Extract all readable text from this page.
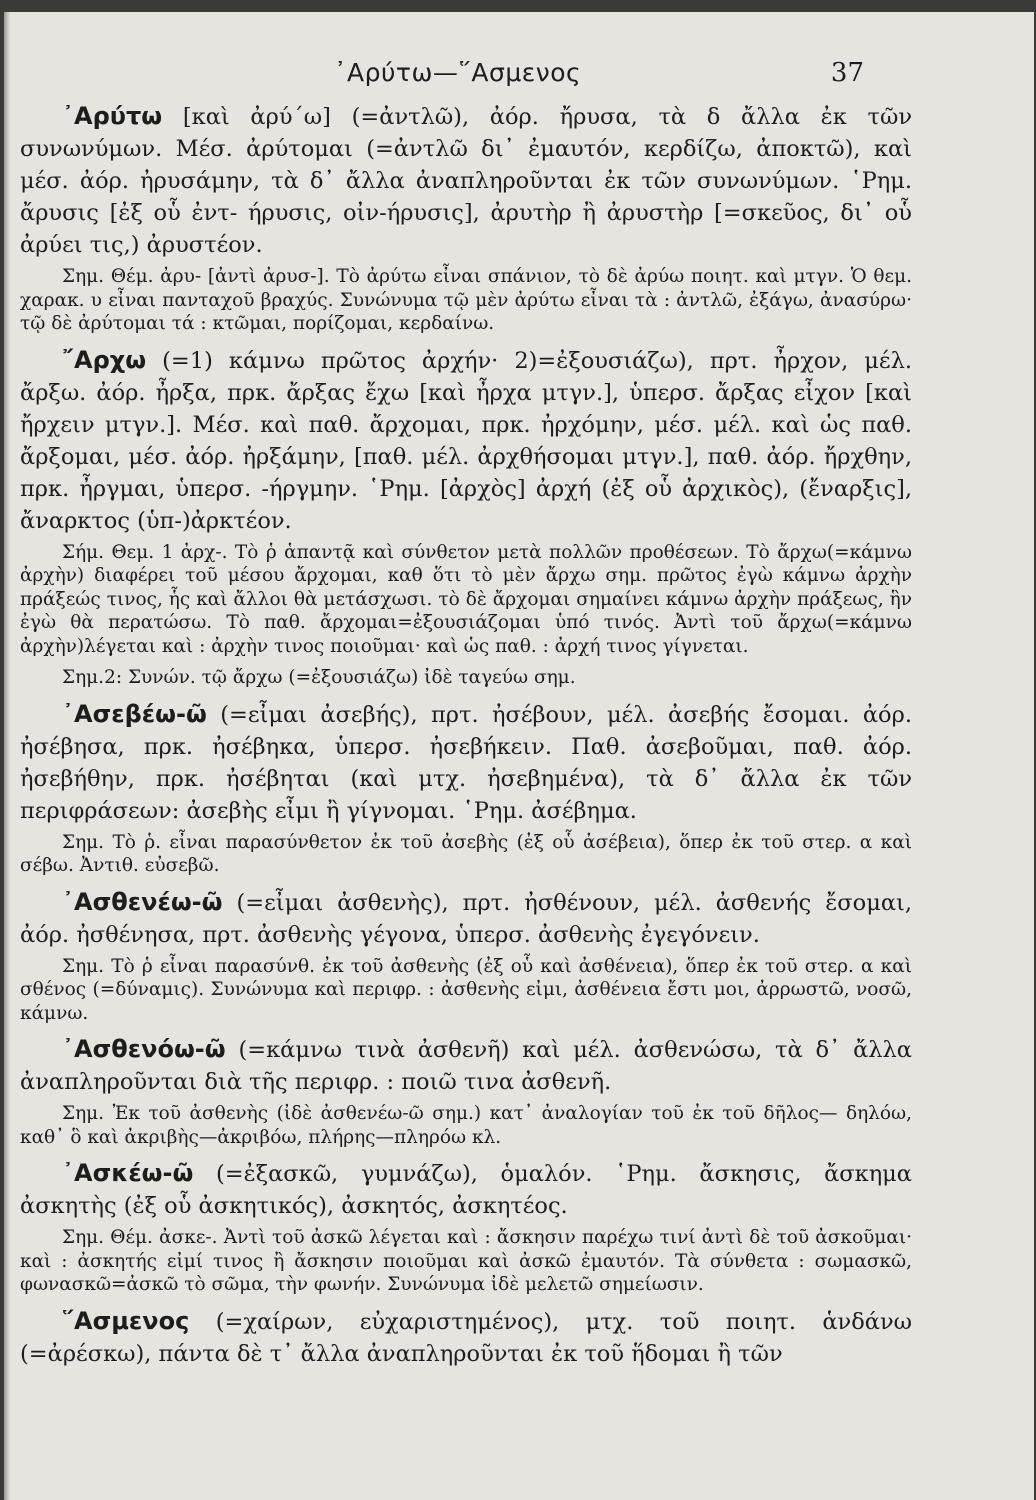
᾿Αρύτω—῞Ασμενος	37

᾿Αρύτω [καὶ ἀρύ΄ω] (=ἀντλῶ), ἀόρ. ἤρυσα, τὰ δ ἄλλα ἐκ τῶν συνωνύμων. Μέσ. ἀρύτομαι (=ἀντλῶ δι᾿ ἐμαυτόν, κερδίζω, ἀποκτῶ), καὶ μέσ. ἀόρ. ἠρυσάμην, τὰ δ᾿ ἄλλα ἀναπληροῦνται ἐκ τῶν συνωνύμων. ῾Ρημ. ἄρυσις [ἐξ οὗ ἐντ- ήρυσις, οἰν-ήρυσις], ἀρυτὴρ ἢ ἀρυστὴρ [=σκεῦος, δι᾿ οὗ ἀρύει τις,) ἀρυστέον.

Σημ. Θέμ. ἀρυ- [ἀντὶ ἀρυσ-]. Τὸ ἀρύτω εἶναι σπάνιον, τὸ δὲ ἀρύω ποιητ. καὶ μτγν. Ὁ θεμ. χαρακ. υ εἶναι πανταχοῦ βραχύς. Συνώνυμα τῷ μὲν ἀρύτω εἶναι τὰ : ἀντλῶ, ἐξάγω, ἀνασύρω· τῷ δὲ ἀρύτομαι τά : κτῶμαι, πορίζομαι, κερδαίνω.

῎Αρχω (=1) κάμνω πρῶτος ἀρχήν· 2)=ἐξουσιάζω), πρτ. ἦρχον, μέλ. ἄρξω. ἀόρ. ἦρξα, πρκ. ἄρξας ἔχω [καὶ ἦρχα μτγν.], ὑπερσ. ἄρξας εἶχον [καὶ ἤρχειν μτγν.]. Μέσ. καὶ παθ. ἄρχομαι, πρκ. ἠρχόμην, μέσ. μέλ. καὶ ὡς παθ. ἄρξομαι, μέσ. ἀόρ. ἠρξάμην, [παθ. μέλ. ἀρχθήσομαι μτγν.], παθ. ἀόρ. ἤρχθην, πρκ. ἦργμαι, ὑπερσ. -ήργμην. ῾Ρημ. [ἀρχὸς] ἀρχή (ἐξ οὗ ἀρχικὸς), (ἔναρξις], ἄναρκτος (ὑπ-)ἀρκτέον.

Σήμ. Θεμ. 1 ἀρχ-. Τὸ ῥ ἁπαντᾷ καὶ σύνθετον μετὰ πολλῶν προθέσεων. Τὸ ἄρχω(=κάμνω ἀρχὴν) διαφέρει τοῦ μέσου ἄρχομαι, καθ ὅτι τὸ μὲν ἄρχω σημ. πρῶτος ἐγὼ κάμνω ἀρχὴν πράξεώς τινος, ἧς καὶ ἄλλοι θὰ μετάσχωσι. τὸ δὲ ἄρχομαι σημαίνει κάμνω ἀρχὴν πράξεως, ἣν ἐγὼ θὰ περατώσω. Τὸ παθ. ἄρχομαι=ἐξουσιάζομαι ὑπό τινός. Ἀντὶ τοῦ ἄρχω(=κάμνω ἀρχὴν)λέγεται καὶ : ἀρχὴν τινος ποιοῦμαι· καὶ ὡς παθ. : ἀρχή τινος γίγνεται.

Σημ.2: Συνών. τῷ ἄρχω (=ἐξουσιάζω) ἰδὲ ταγεύω σημ.

᾿Ασεβέω-ῶ (=εἶμαι ἀσεβής), πρτ. ἠσέβουν, μέλ. ἀσεβής ἔσομαι. ἀόρ. ἠσέβησα, πρκ. ἠσέβηκα, ὑπερσ. ἠσεβήκειν. Παθ. ἀσεβοῦμαι, παθ. ἀόρ. ἠσεβήθην, πρκ. ἠσέβηται (καὶ μτχ. ἠσεβημένα), τὰ δ᾿ ἄλλα ἐκ τῶν περιφράσεων: ἀσεβὴς εἶμι ἢ γίγνομαι. ῾Ρημ. ἀσέβημα.

Σημ. Τὸ ῥ. εἶναι παρασύνθετον ἐκ τοῦ ἀσεβὴς (ἐξ οὗ ἀσέβεια), ὅπερ ἐκ τοῦ στερ. α καὶ σέβω. Ἀντιθ. εὐσεβῶ.

᾿Ασθενέω-ῶ (=εἶμαι ἀσθενὴς), πρτ. ἠσθένουν, μέλ. ἀσθενής ἔσομαι, ἀόρ. ἠσθένησα, πρτ. ἀσθενὴς γέγονα, ὑπερσ. ἀσθενὴς ἐγεγόνειν.

Σημ. Τὸ ῥ εἶναι παρασύνθ. ἐκ τοῦ ἀσθενὴς (ἐξ οὗ καὶ ἀσθένεια), ὅπερ ἐκ τοῦ στερ. α καὶ σθένος (=δύναμις). Συνώνυμα καὶ περιφρ. : ἀσθενὴς εἰμι, ἀσθένεια ἔστι μοι, ἀρρωστῶ, νοσῶ, κάμνω.

᾿Ασθενόω-ῶ (=κάμνω τινὰ ἀσθενῆ) καὶ μέλ. ἀσθενώσω, τὰ δ᾿ ἄλλα ἀναπληροῦνται διὰ τῆς περιφρ. : ποιῶ τινα ἀσθενῆ.

Σημ. Ἐκ τοῦ ἀσθενὴς (ἰδὲ ἀσθενέω-ῶ σημ.) κατ᾿ ἀναλογίαν τοῦ ἐκ τοῦ δῆλος— δηλόω, καθ᾿ ὃ καὶ ἀκριβὴς—ἀκριβόω, πλήρης—πληρόω κλ.

᾿Ασκέω-ῶ (=ἐξασκῶ, γυμνάζω), ὁμαλόν. ῾Ρημ. ἄσκησις, ἄσκημα ἀσκητὴς (ἐξ οὗ ἀσκητικός), ἀσκητός, ἀσκητέος.

Σημ. Θέμ. ἀσκε-. Ἀντὶ τοῦ ἀσκῶ λέγεται καὶ : ἄσκησιν παρέχω τινί ἀντὶ δὲ τοῦ ἀσκοῦμαι· καὶ : ἀσκητής εἰμί τινος ἢ ἄσκησιν ποιοῦμαι καὶ ἀσκῶ ἐμαυτόν. Τὰ σύνθετα : σωμασκῶ, φωνασκῶ=ἀσκῶ τὸ σῶμα, τὴν φωνήν. Συνώνυμα ἰδὲ μελετῶ σημείωσιν.

῞Ασμενος (=χαίρων, εὐχαριστημένος), μτχ. τοῦ ποιητ. ἁνδάνω (=ἀρέσκω), πάντα δὲ τ᾿ ἄλλα ἀναπληροῦνται ἐκ τοῦ ἥδομαι ἢ τῶν
